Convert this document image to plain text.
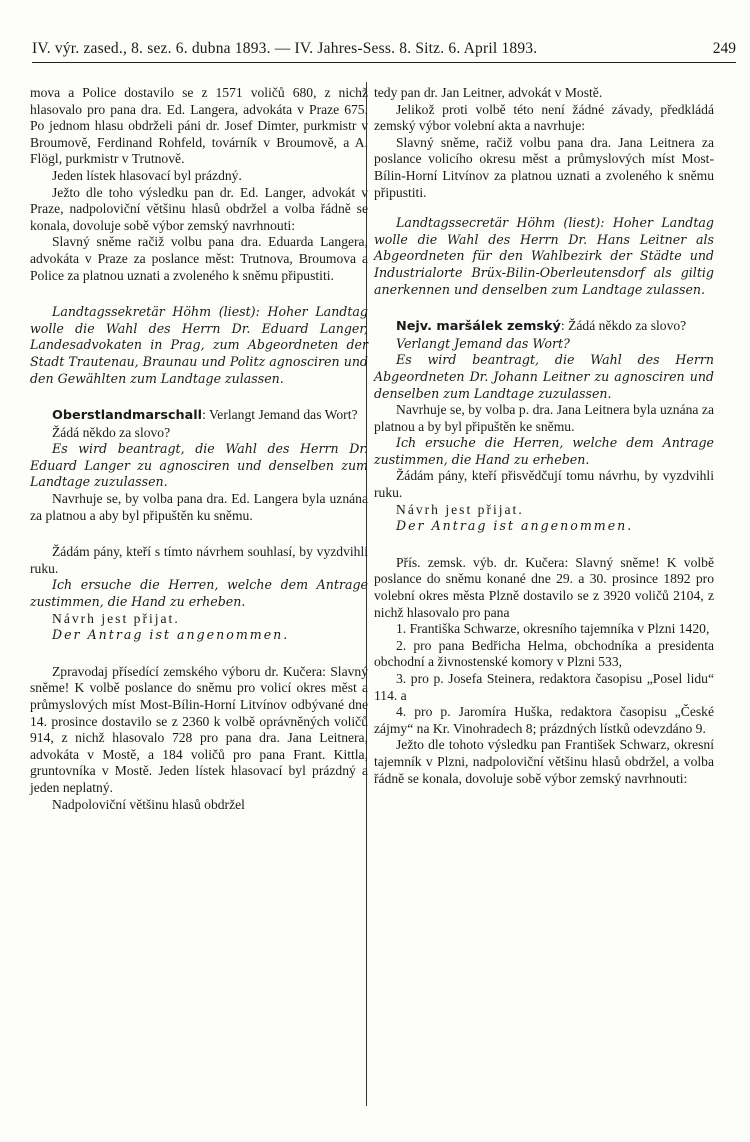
IV. výr. zased., 8. sez. 6. dubna 1893. — IV. Jahres-Sess. 8. Sitz. 6. April 1893.	249

mova a Police dostavilo se z 1571 voličů 680, z nichž hlasovalo pro pana dra. Ed. Langera, advokáta v Praze 675. Po jednom hlasu obdrželi páni dr. Josef Dimter, purkmistr v Broumově, Ferdinand Rohfeld, továrník v Broumově, a A. Flögl, purkmistr v Trutnově.

Jeden lístek hlasovací byl prázdný.

Ježto dle toho výsledku pan dr. Ed. Langer, advokát v Praze, nadpoloviční většinu hlasů obdržel a volba řádně se konala, dovoluje sobě výbor zemský navrhnouti:

Slavný sněme račiž volbu pana dra. Eduarda Langera, advokáta v Praze za poslance měst: Trutnova, Broumova a Police za platnou uznati a zvoleného k sněmu připustiti.

Landtagssekretär Höhm (liest): Hoher Landtag wolle die Wahl des Herrn Dr. Eduard Langer, Landesadvokaten in Prag, zum Abgeordneten der Stadt Trautenau, Braunau und Politz agnosciren und den Gewählten zum Landtage zulassen.

Oberstlandmarschall: Verlangt Jemand das Wort?

Žádá někdo za slovo?

Es wird beantragt, die Wahl des Herrn Dr. Eduard Langer zu agnosciren und denselben zum Landtage zuzulassen.

Navrhuje se, by volba pana dra. Ed. Langera byla uznána za platnou a aby byl připuštěn ku sněmu.

Žádám pány, kteří s tímto návrhem souhlasí, by vyzdvihli ruku.

Ich ersuche die Herren, welche dem Antrage zustimmen, die Hand zu erheben.

Návrh jest přijat.

Der Antrag ist angenommen.

Zpravodaj přísedící zemského výboru dr. Kučera: Slavný sněme! K volbě poslance do sněmu pro volicí okres měst a průmyslových míst Most-Bílin-Horní Litvínov odbývané dne 14. prosince dostavilo se z 2360 k volbě oprávněných voličů 914, z nichž hlasovalo 728 pro pana dra. Jana Leitnera, advokáta v Mostě, a 184 voličů pro pana Frant. Kittla, gruntovníka v Mostě. Jeden lístek hlasovací byl prázdný a jeden neplatný.

Nadpoloviční většinu hlasů obdržel

tedy pan dr. Jan Leitner, advokát v Mostě.

Jelikož proti volbě této není žádné závady, předkládá zemský výbor volební akta a navrhuje:

Slavný sněme, račiž volbu pana dra. Jana Leitnera za poslance volicího okresu měst a průmyslových míst Most-Bílin-Horní Litvínov za platnou uznati a zvoleného k sněmu připustiti.

Landtagssecretär Höhm (liest): Hoher Landtag wolle die Wahl des Herrn Dr. Hans Leitner als Abgeordneten für den Wahlbezirk der Städte und Industrialorte Brüx-Bilin-Oberleutensdorf als giltig anerkennen und denselben zum Landtage zulassen.

Nejv. maršálek zemský: Žádá někdo za slovo?

Verlangt Jemand das Wort?

Es wird beantragt, die Wahl des Herrn Abgeordneten Dr. Johann Leitner zu agnosciren und denselben zum Landtage zuzulassen.

Navrhuje se, by volba p. dra. Jana Leitnera byla uznána za platnou a by byl připuštěn ke sněmu.

Ich ersuche die Herren, welche dem Antrage zustimmen, die Hand zu erheben.

Žádám pány, kteří přisvědčují tomu návrhu, by vyzdvihli ruku.

Návrh jest přijat.

Der Antrag ist angenommen.

Přís. zemsk. výb. dr. Kučera: Slavný sněme! K volbě poslance do sněmu konané dne 29. a 30. prosince 1892 pro volební okres města Plzně dostavilo se z 3920 voličů 2104, z nichž hlasovalo pro pana

1. Františka Schwarze, okresního tajemníka v Plzni 1420,

2. pro pana Bedřicha Helma, obchodníka a presidenta obchodní a živnostenské komory v Plzni 533,

3. pro p. Josefa Steinera, redaktora časopisu „Posel lidu“ 114. a

4. pro p. Jaromíra Huška, redaktora časopisu „České zájmy“ na Kr. Vinohradech 8; prázdných lístků odevzdáno 9.

Ježto dle tohoto výsledku pan František Schwarz, okresní tajemník v Plzni, nadpoloviční většinu hlasů obdržel, a volba řádně se konala, dovoluje sobě výbor zemský navrhnouti:
